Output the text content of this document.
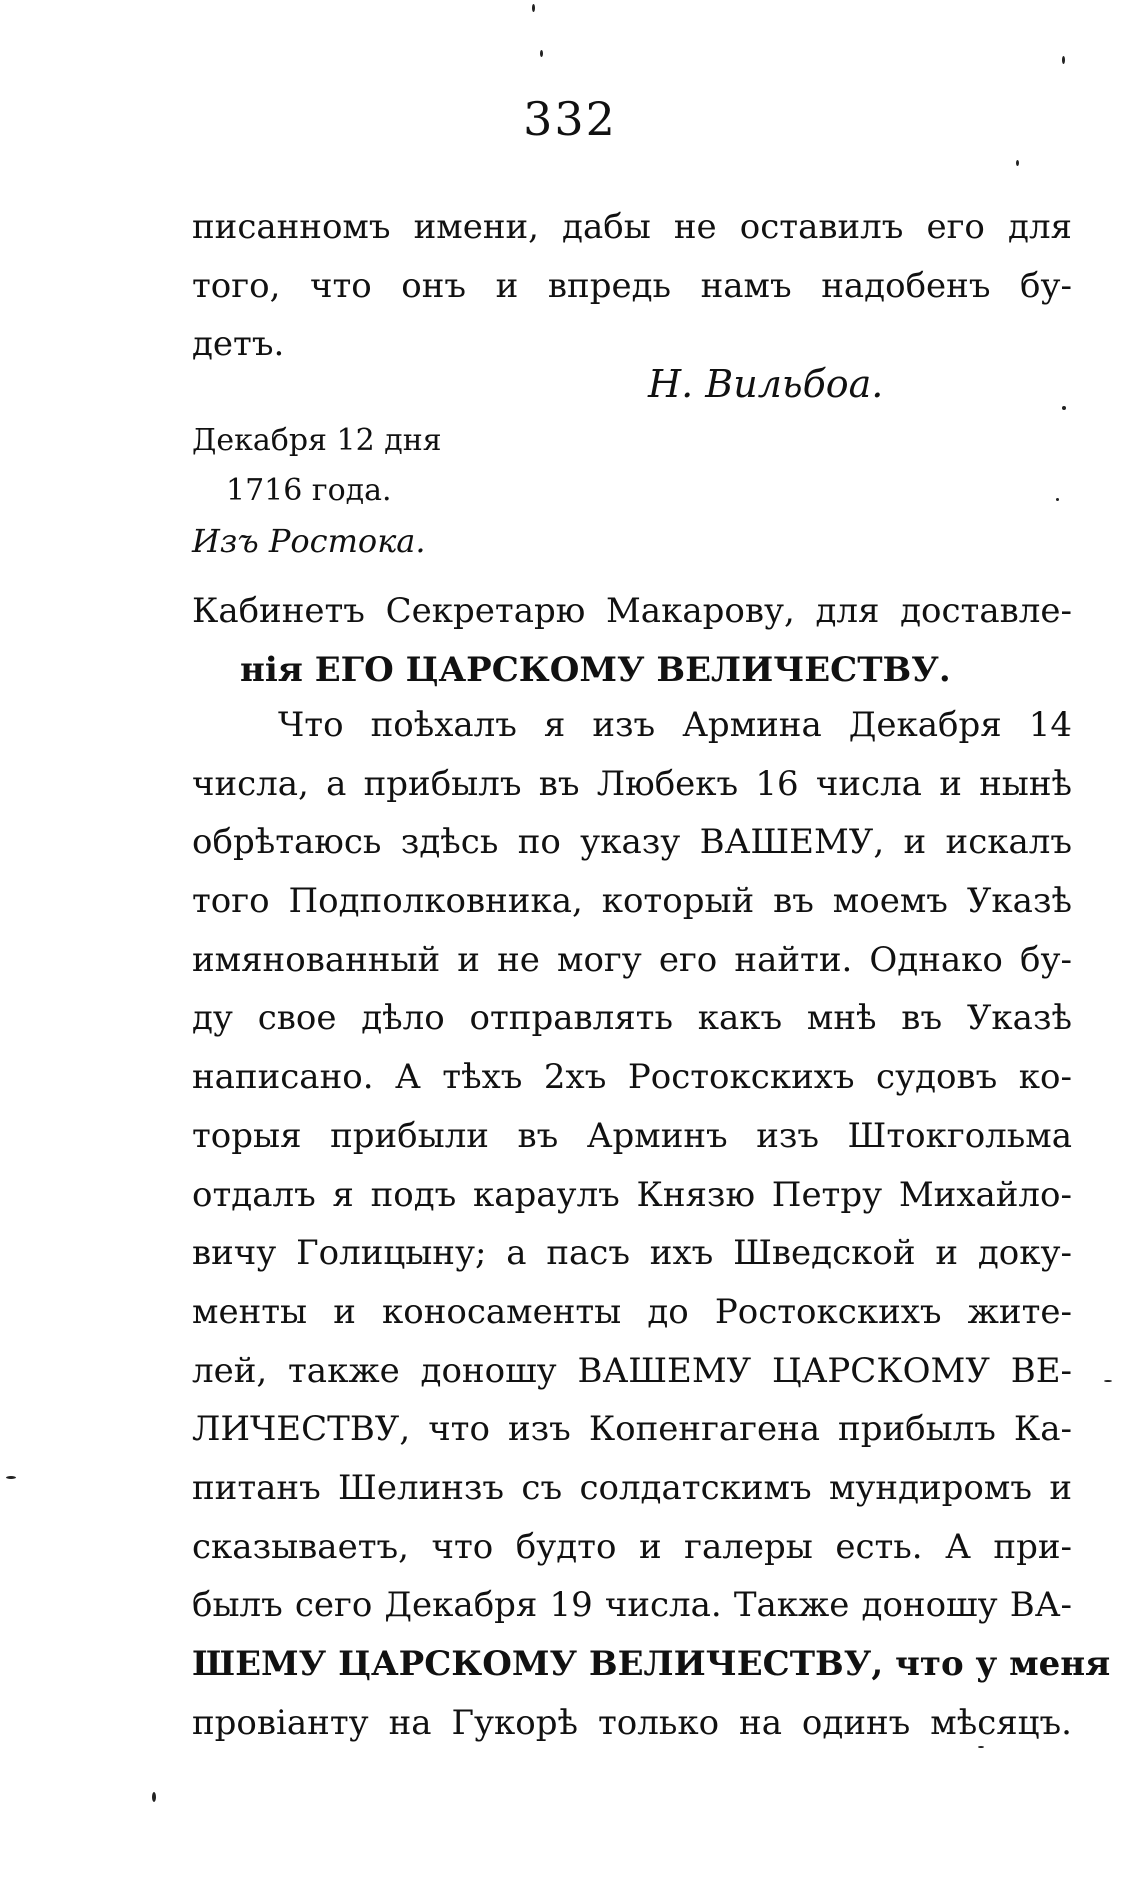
332
писанномъ имени, дабы не оставилъ его для
того, что онъ и впредь намъ надобенъ бу-
детъ.
Н. Вильбоа.
Декабря 12 дня
1716 года.
Изъ Ростока.
Кабинетъ Секретарю Макарову, для доставле-
нія ЕГО ЦАРСКОМУ ВЕЛИЧЕСТВУ.
Что поѣхалъ я изъ Армина Декабря 14
числа, а прибылъ въ Любекъ 16 числа и нынѣ
обрѣтаюсь здѣсь по указу ВАШЕМУ, и искалъ
того Подполковника, который въ моемъ Указѣ
имянованный и не могу его найти. Однако бу-
ду свое дѣло отправлять какъ мнѣ въ Указѣ
написано. А тѣхъ 2хъ Ростокскихъ судовъ ко-
торыя прибыли въ Арминъ изъ Штокгольма
отдалъ я подъ караулъ Князю Петру Михайло-
вичу Голицыну; а пасъ ихъ Шведской и доку-
менты и коносаменты до Ростокскихъ жите-
лей, также доношу ВАШЕМУ ЦАРСКОМУ ВЕ-
ЛИЧЕСТВУ, что изъ Копенгагена прибылъ Ка-
питанъ Шелинзъ съ солдатскимъ мундиромъ и
сказываетъ, что будто и галеры есть. А при-
былъ сего Декабря 19 числа. Также доношу ВА-
ШЕМУ ЦАРСКОМУ ВЕЛИЧЕСТВУ, что у меня
провіанту на Гукорѣ только на одинъ мѣсяцъ.
